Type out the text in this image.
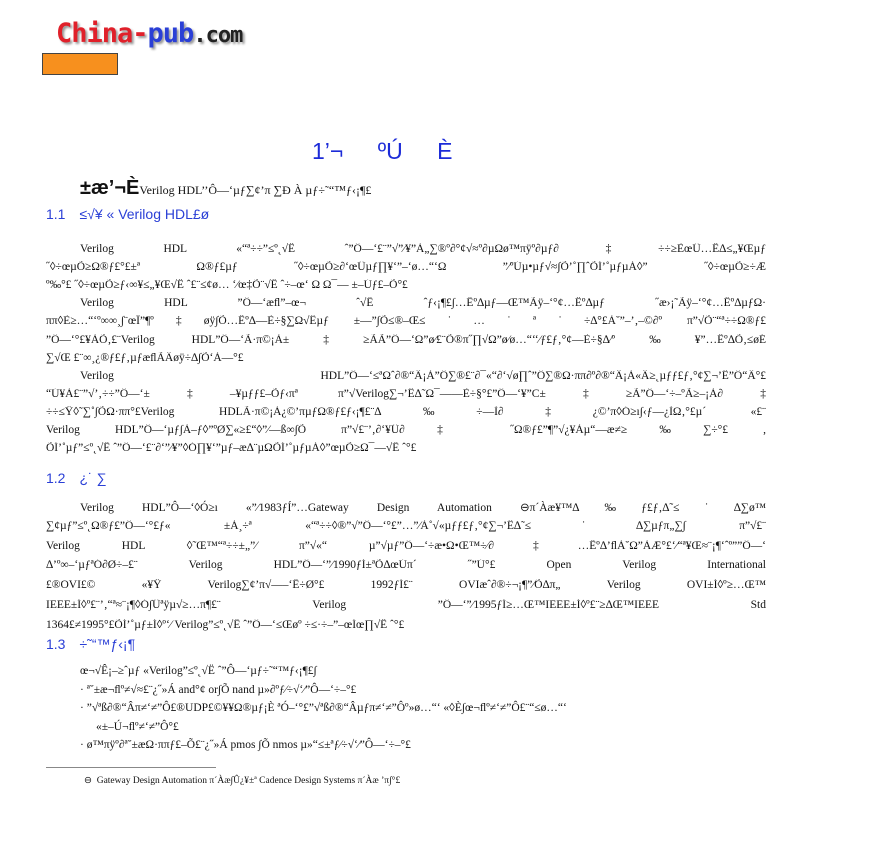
China-pub.com
1’¬ ºÚ È
±æ’¬ÈVerilog HDL’’Ô—‘µƒ∑¢’π ∑Ð À µƒ÷˜“™ƒ‹¡¶£
1.1 ≤√¥ « Verilog HDL£ø
Verilog HDL «“ª÷÷”≤º˛√Ë ˆ”Ô—‘£¨”√”⁄¥”À„∑®º∂°¢√≈º∂µΩø™πÿº∂µƒ∂‡÷÷≥ÈœÛ…Ë∆≤„¥Œµƒ
˝◊÷œµÕ≥Ω®ƒ£°£±ª Ω®ƒ£µƒ ˝◊÷œµÕ≥∂‘œÛµƒ∏¥‘”–‘ø…“‘Ω ”⁄ºÚµ•µƒ√≈∫Õ’˚∏ˆÕÍ’˚µƒµÁ◊” ˝◊÷œµÕ≥÷Æ
º‰°£ ˝◊÷œµÕ≥ƒ‹∞¥≤„¥Œ√Ë ˆ£¨≤¢ø… ‘⁄œ‡Õ¨√Ë ˆ÷–œ‘ Ω Ω¯–– ±–Úƒ£–Õ°£
Verilog HDL ”Ô—‘æﬂ”–œ¬ ˆ√Ë ˆƒ‹¡¶£∫…Ëº∆µƒ––Œ™Ãÿ–‘°¢…Ëº∆µƒ ˝æ›¡˜Ãÿ–‘°¢…Ëº∆µƒΩ·
ππ◊È≥…“‘º∞∞¸∫¨œÏ”¶º‡øÿ∫Õ…Ëº∆—È÷§∑Ω√Êµƒ ±—”∫Õ≤®–Œ≤˙…˙ª˙÷∆°£À˘”–’‚–©∂º π”√Õ¨“ª÷÷Ω®ƒ£
”Ô—‘°£¥ÀÕ‚£¨Verilog HDL”Ô—‘Ã·π©¡À±‡≥ÃÃ”Ô—‘Ω”ø⁄£¨Õ®π˝∏√Ω”ø⁄ø…“‘‘⁄ƒ£ƒ‚°¢—È÷§∆⁄º‰¥”…Ëº∆Õ‚≤øÉ
∑√Œ £¨∞¸¿®ƒ£ƒ‚µƒæﬂÃÂøÿ÷∆∫Õ‘À––°£
Verilog HDL”Ô—‘≤ªΩˆ∂®“Â¡À”Ô∑®£¨∂¯«“∂‘√ø∏ˆ”Ô∑®Ω·ππ∂º∂®“Â¡À«Â≥˛µƒƒ£ƒ‚°¢∑¬’Ê”Ô“Â°£
“Ú¥À£¨”√’‚÷÷”Ô—‘±‡–¥µƒƒ£–Õƒ‹πª π”√Verilog∑¬’Ê∆˜Ω¯––—È÷§°£”Ô—‘¥”C±‡≥Ã”Ô—‘÷–ºÃ≥–¡À∂‡
÷÷≤Ÿ◊˜∑˚∫ÕΩ·ππ°£Verilog HDLÃ·π©¡À¿©’πµƒΩ®ƒ£ƒ‹¡¶£¨∆‰÷––Ì∂‡¿©’π◊Ó≥ı∫‹ƒ—¿ÌΩ‚°£µ´ «£¨
Verilog HDL”Ô—‘µƒ∫À–ƒ◊”ºØ∑«≥£“◊”⁄—ß∞∫Õ π”√£¨’‚∂‘¥Û∂‡ ˝Ω®ƒ£”¶”√¿¥Àµ“—æ≠≥‰∑÷°£ ,
ÕÍ’˚µƒ”≤º˛√Ë ˆ”Ô—‘£¨∂‘”⁄¥”◊Ó∏¥‘”µƒ–æ∆¨µΩÕÍ’˚µƒµÁ◊”œµÕ≥Ω¯––√Ë ˆ°£
1.2 ¿˙ ∑
Verilog HDL”Ô—‘◊Ó≥ı «”⁄1983ƒÍ”…Gateway Design Automation ⊖π´Àæ¥™∆‰ƒ£ƒ‚∆˜≤˙∆∑ø™
∑¢µƒ”≤º˛Ω®ƒ£”Ô—‘°£ƒ« ±À¸÷ª «“ª÷÷◊®”√”Ô—‘°£”…”⁄À˚√«µƒƒ£ƒ‚°¢∑¬’Ê∆˜≤˙∆∑µƒπ„∑∫ π”√£¨
Verilog HDL ◊˜Œ™“ª÷÷±„”⁄ π”√«“ µ”√µƒ”Ô—‘÷æ•Ω•Œ™÷⁄∂‡…Ëº∆’ﬂÀ˘Ω”ÀÆ°£‘⁄“ª¥Œ≈¨¡¶‘ˆº””Ô—‘
∆’º∞–‘µƒªÓ∂Ø÷–£¨ Verilog HDL”Ô—‘”⁄1990ƒÍ±ªÕ∆œÚπ´ ˝”Ú°£ Open Verilog International
£®OVI£© «¥Ÿ Verilog∑¢’π√—–‘Ë÷Ø°£ 1992ƒÍ£¨ OVIæˆ∂®÷¬¡¶”⁄Õ∆π„ Verilog OVI±Í◊º≥…Œ™
IEEE±Í◊º£¨’‚“ª≈¨¡¶◊Ó∫Ûªÿµ√≥…π¶£¨ Verilog ”Ô—‘”⁄1995ƒÍ≥…Œ™IEEE±Í◊º£¨≥∆Œ™IEEE Std
1364£≠1995°£ÕÍ’˚µƒ±Í◊º‘⁄ Verilog”≤º˛√Ë ˆ”Ô—‘≤Œøº ÷≤·÷–”–œÍœ∏√Ë ˆ°£
1.3 ÷˜“™ƒ‹¡¶
œ¬√Ê¡–≥ˆµƒ «Verilog”≤º˛√Ë ˆ”Ô—‘µƒ÷˜“™ƒ‹¡¶£∫
· ª˘±æ¬ﬂº≠√≈£¨¿˝»Á and°¢ or∫Õ nand µ»∂ºƒ⁄÷√‘⁄”Ô—‘÷–°£
· ”√ªß∂®“Âπ≠‘≠”Ô£®UDP£©¥¥Ω®µƒ¡È ªÓ–‘°£”√ªß∂®“Âµƒπ≠‘≠”Ôº»ø…“‘ «◊È∫œ¬ﬂº≠‘≠”Ô£¨“≤ø…“‘
«±–Ú¬ﬂº≠‘≠”Ô°£
· ø™πÿº∂ª˘±æΩ·ππƒ£–Õ£¨¿˝»Á pmos ∫Õ nmos µ»“≤±ªƒ⁄÷√‘⁄”Ô—‘÷–°£
⊖ Gateway Design Automation π´Àæ∫Û¿¥±ª Cadence Design Systems π´Àæ ’π∫°£
